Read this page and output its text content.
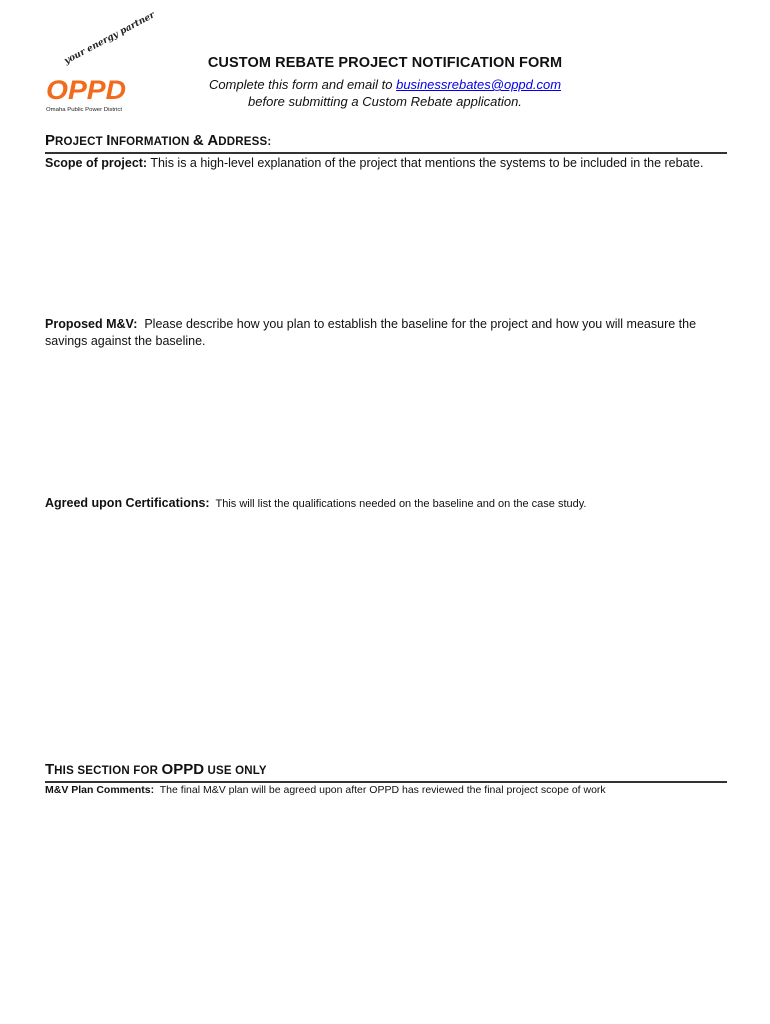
your energy partner
OPPD
Omaha Public Power District
CUSTOM REBATE PROJECT NOTIFICATION FORM
Complete this form and email to businessrebates@oppd.com
before submitting a Custom Rebate application.
PROJECT INFORMATION & ADDRESS:
Scope of project: This is a high-level explanation of the project that mentions the systems to be included in the rebate.
Proposed M&V: Please describe how you plan to establish the baseline for the project and how you will measure the savings against the baseline.
Agreed upon Certifications: This will list the qualifications needed on the baseline and on the case study.
THIS SECTION FOR OPPD USE ONLY
M&V Plan Comments: The final M&V plan will be agreed upon after OPPD has reviewed the final project scope of work
